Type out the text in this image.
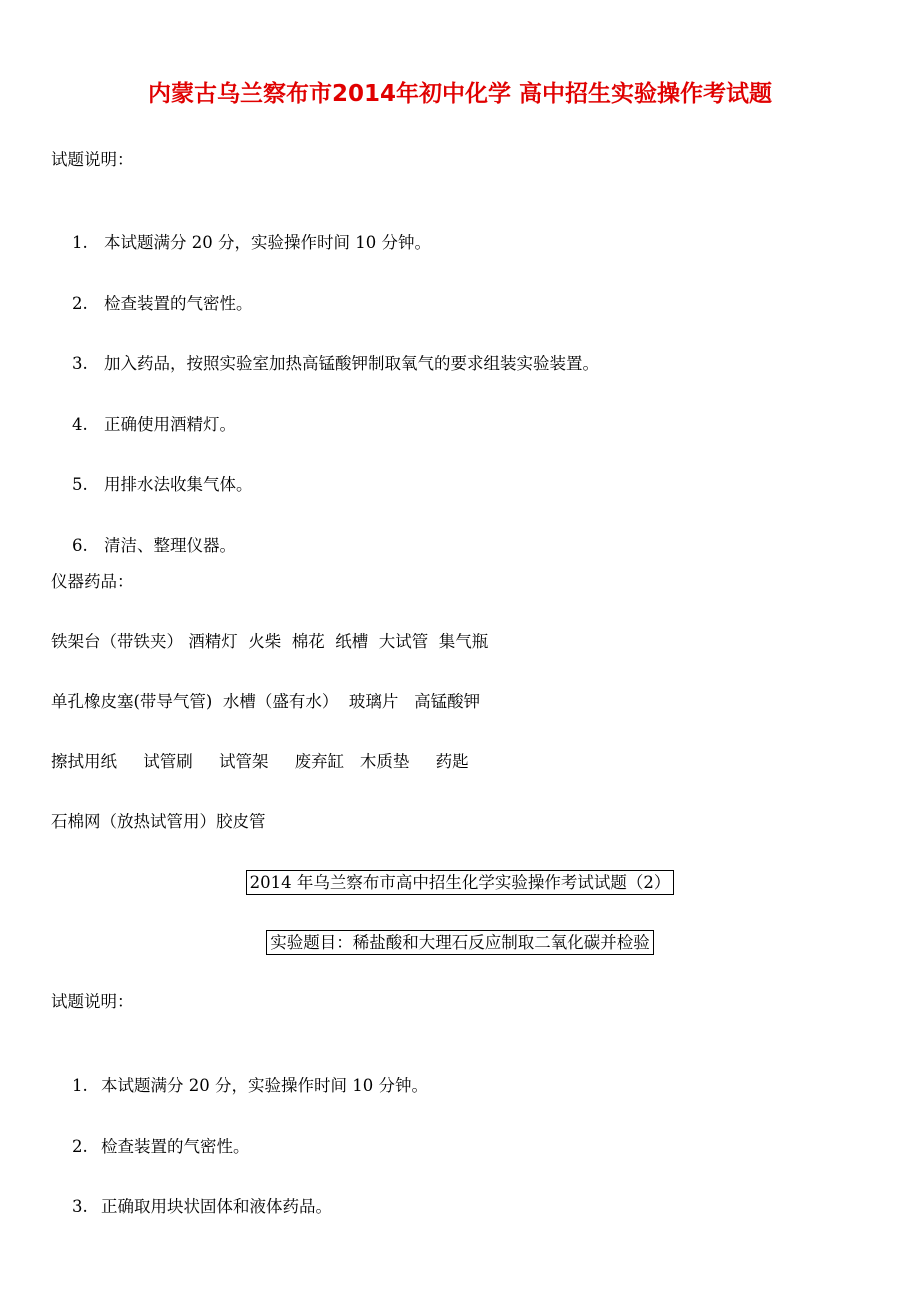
内蒙古乌兰察布市2014年初中化学 高中招生实验操作考试题
试题说明：

1. 本试题满分 20 分，实验操作时间 10 分钟。

2. 检查装置的气密性。

3. 加入药品，按照实验室加热高锰酸钾制取氧气的要求组装实验装置。

4. 正确使用酒精灯。

5. 用排水法收集气体。

6. 清洁、整理仪器。

仪器药品：
铁架台（带铁夹） 酒精灯  火柴  棉花  纸槽  大试管  集气瓶
单孔橡皮塞(带导气管)  水槽（盛有水）  玻璃片   高锰酸钾
擦拭用纸     试管刷     试管架     废弃缸   木质垫     药匙
石棉网（放热试管用）胶皮管
2014 年乌兰察布市高中招生化学实验操作考试试题（2）
实验题目：稀盐酸和大理石反应制取二氧化碳并检验
试题说明：

1. 本试题满分 20 分，实验操作时间 10 分钟。

2. 检查装置的气密性。

3. 正确取用块状固体和液体药品。
